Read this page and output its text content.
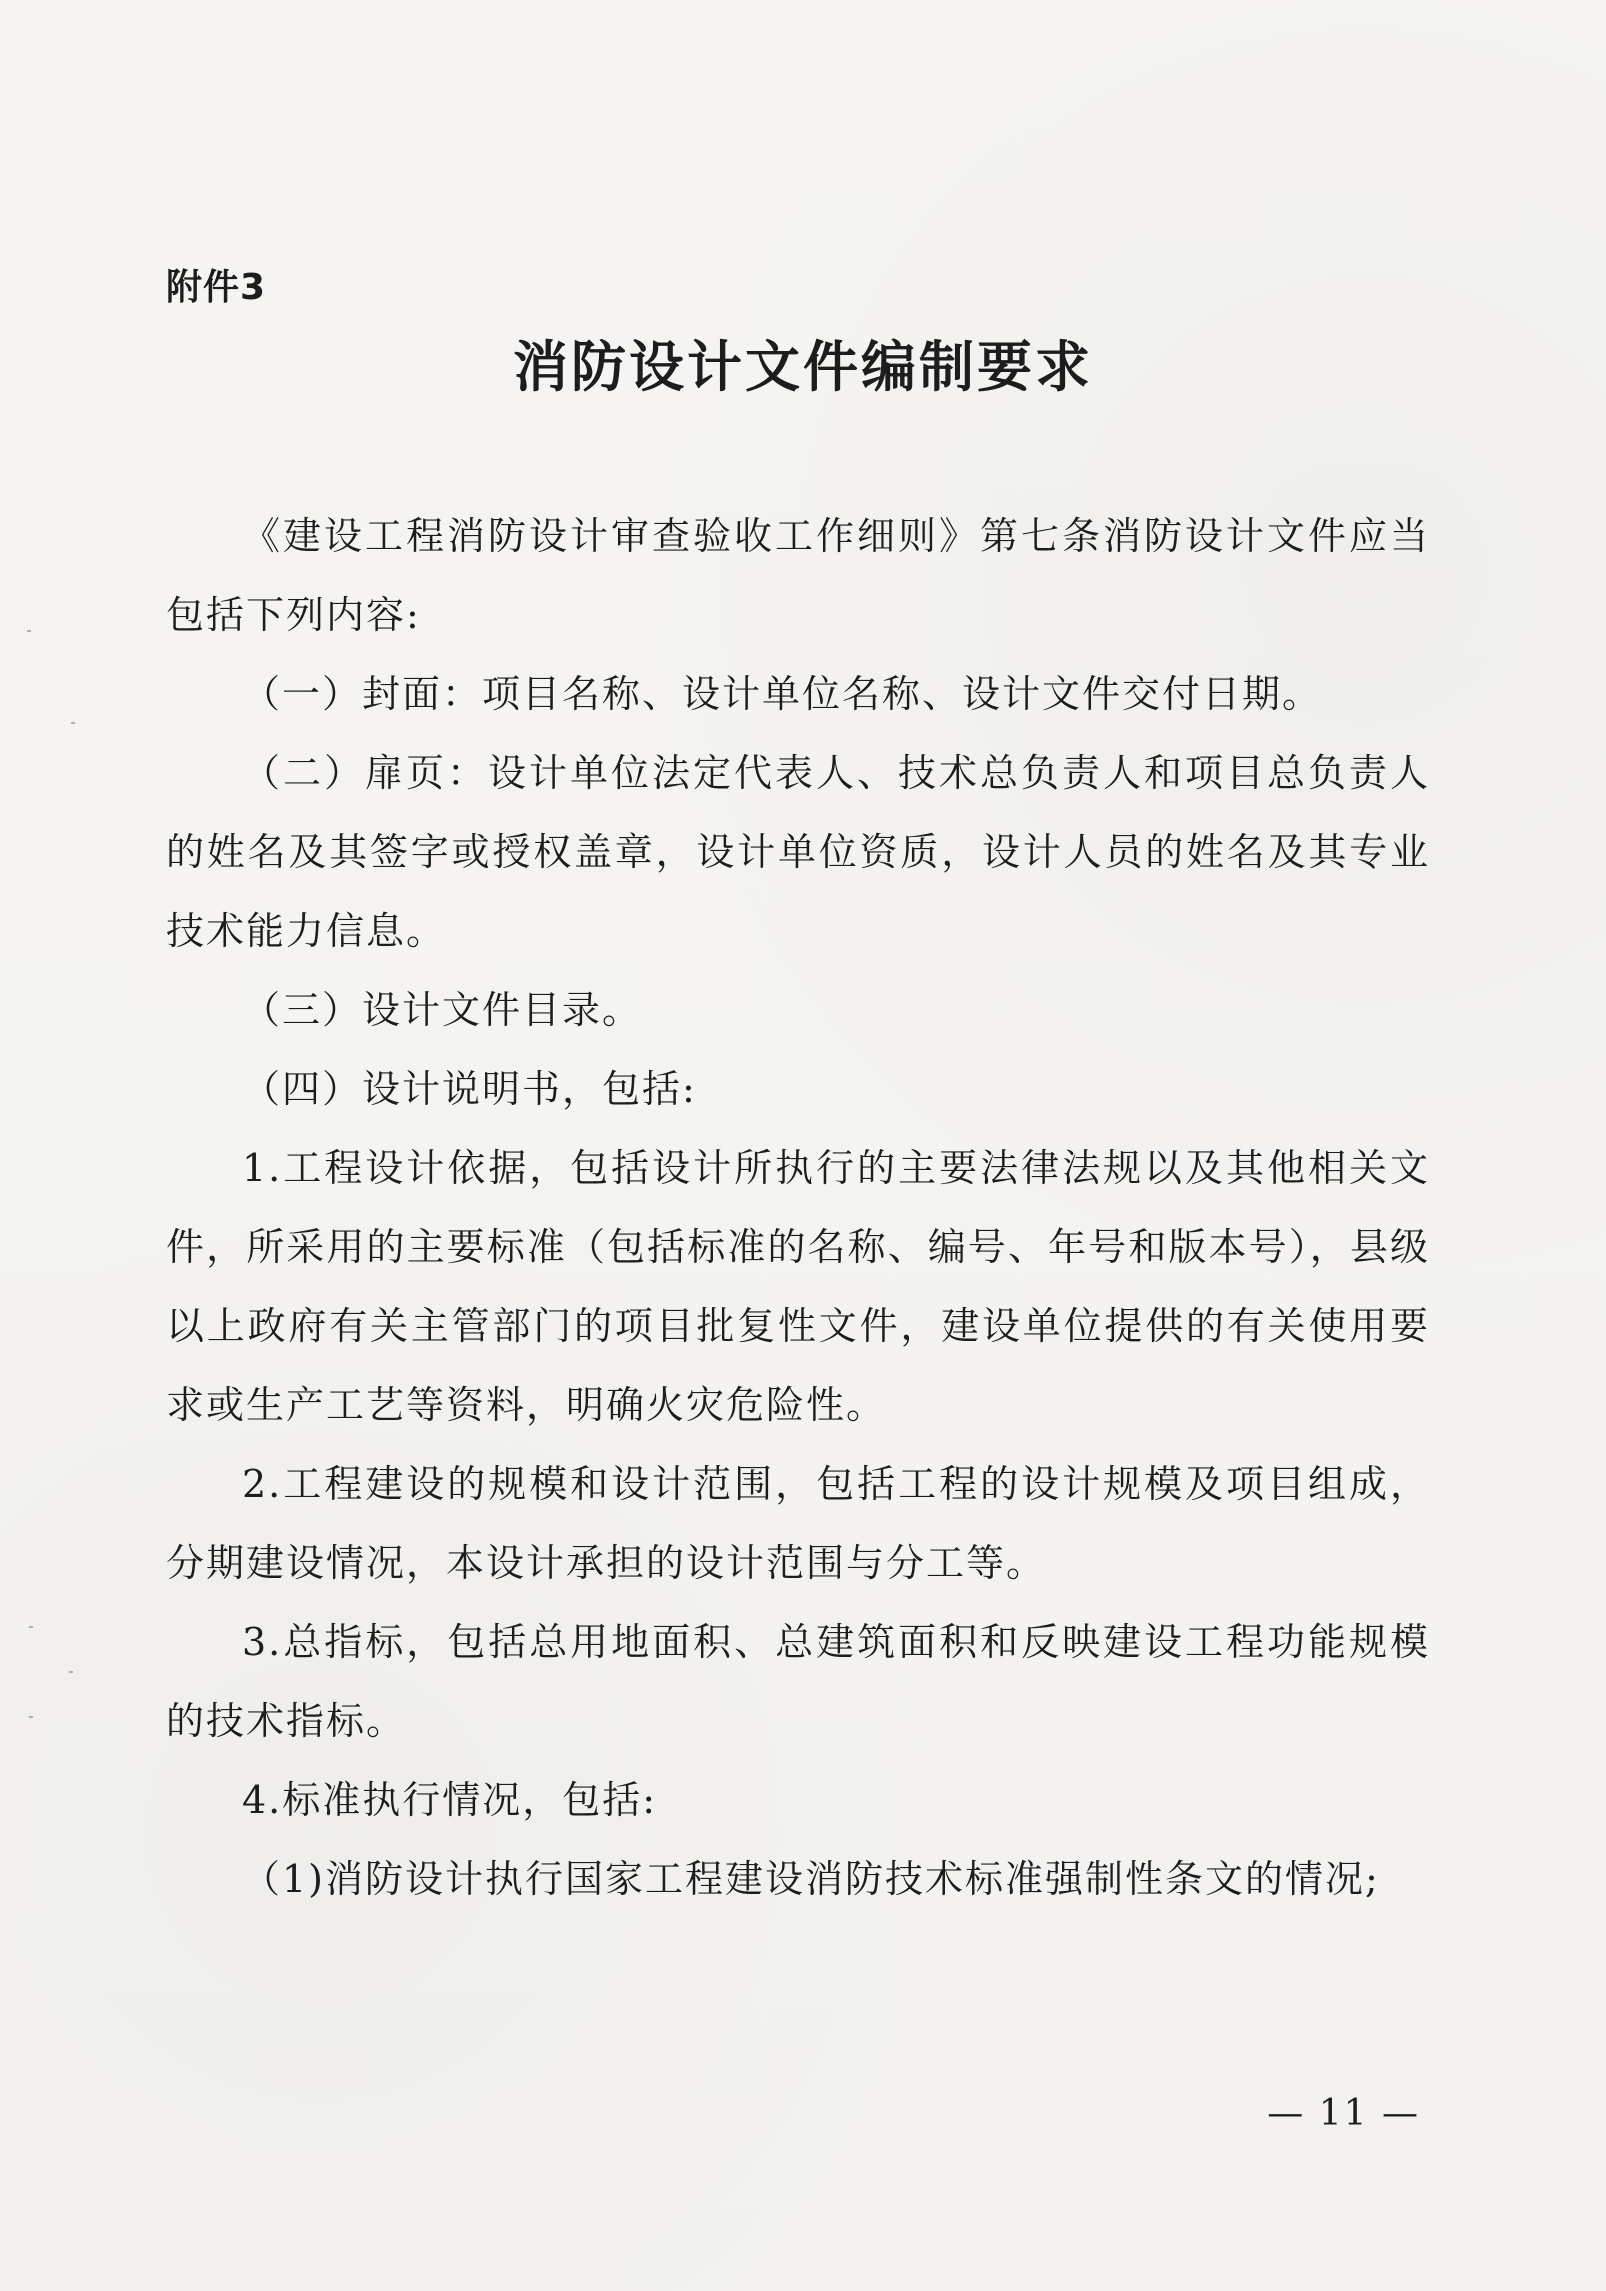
附件3
消防设计文件编制要求

《建设工程消防设计审查验收工作细则》第七条消防设计文件应当包括下列内容:

（一）封面：项目名称、设计单位名称、设计文件交付日期。

（二）扉页：设计单位法定代表人、技术总负责人和项目总负责人的姓名及其签字或授权盖章，设计单位资质，设计人员的姓名及其专业技术能力信息。

（三）设计文件目录。

（四）设计说明书，包括:

1.工程设计依据，包括设计所执行的主要法律法规以及其他相关文件，所采用的主要标准（包括标准的名称、编号、年号和版本号），县级以上政府有关主管部门的项目批复性文件，建设单位提供的有关使用要求或生产工艺等资料，明确火灾危险性。

2.工程建设的规模和设计范围，包括工程的设计规模及项目组成，分期建设情况，本设计承担的设计范围与分工等。

3.总指标，包括总用地面积、总建筑面积和反映建设工程功能规模的技术指标。

4.标准执行情况，包括:

（1)消防设计执行国家工程建设消防技术标准强制性条文的情况;

— 11 —
